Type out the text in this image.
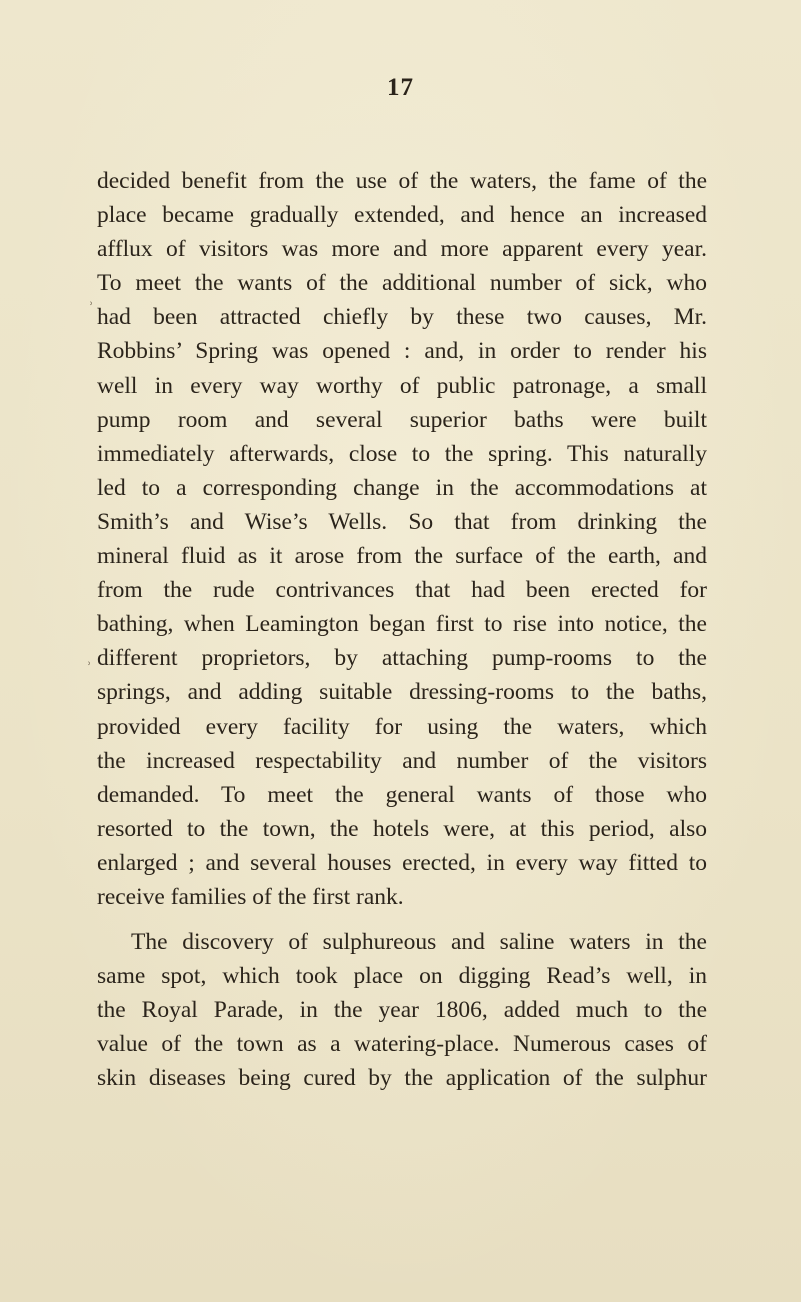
17
˒
˒
decided benefit from the use of the waters, the fame of the
place became gradually extended, and hence an increased
afflux of visitors was more and more apparent every year.
To meet the wants of the additional number of sick, who
had been attracted chiefly by these two causes, Mr.
Robbins’ Spring was opened : and, in order to render his
well in every way worthy of public patronage, a small
pump room and several superior baths were built
immediately afterwards, close to the spring. This naturally
led to a corresponding change in the accommodations at
Smith’s and Wise’s Wells. So that from drinking the
mineral fluid as it arose from the surface of the earth, and
from the rude contrivances that had been erected for
bathing, when Leamington began first to rise into notice, the
different proprietors, by attaching pump-rooms to the
springs, and adding suitable dressing-rooms to the baths,
provided every facility for using the waters, which
the increased respectability and number of the visitors
demanded. To meet the general wants of those who
resorted to the town, the hotels were, at this period, also
enlarged ; and several houses erected, in every way fitted to
receive families of the first rank.
The discovery of sulphureous and saline waters in the
same spot, which took place on digging Read’s well, in
the Royal Parade, in the year 1806, added much to the
value of the town as a watering-place. Numerous cases of
skin diseases being cured by the application of the sulphur
